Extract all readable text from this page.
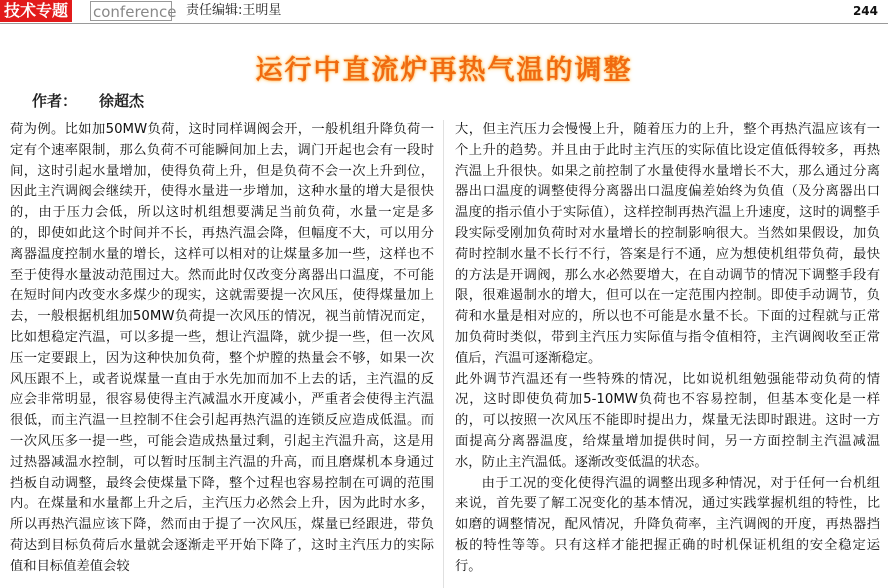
技术专题 conference 责任编辑:王明星	244
运行中直流炉再热气温的调整
作者： 徐超杰

荷为例。比如加50MW负荷，这时同样调阀会开，一般机组升降负荷一定有个速率限制，那么负荷不可能瞬间加上去，调门开起也会有一段时间，这时引起水量增加，使得负荷上升，但是负荷不会一次上升到位，因此主汽调阀会继续开，使得水量进一步增加，这种水量的增大是很快的，由于压力会低，所以这时机组想要满足当前负荷，水量一定是多的，即使如此这个时间并不长，再热汽温会降，但幅度不大，可以用分离器温度控制水量的增长，这样可以相对的让煤量多加一些，这样也不至于使得水量波动范围过大。然而此时仅改变分离器出口温度，不可能在短时间内改变水多煤少的现实，这就需要提一次风压，使得煤量加上去，一般根据机组加50MW负荷提一次风压的情况，视当前情况而定，比如想稳定汽温，可以多提一些，想让汽温降，就少提一些，但一次风压一定要跟上，因为这种快加负荷，整个炉膛的热量会不够，如果一次风压跟不上，或者说煤量一直由于水先加而加不上去的话，主汽温的反应会非常明显，很容易使得主汽减温水开度减小，严重者会使得主汽温很低，而主汽温一旦控制不住会引起再热汽温的连锁反应造成低温。而一次风压多一提一些，可能会造成热量过剩，引起主汽温升高，这是用过热器减温水控制，可以暂时压制主汽温的升高，而且磨煤机本身通过挡板自动调整，最终会使煤量下降，整个过程也容易控制在可调的范围内。在煤量和水量都上升之后，主汽压力必然会上升，因为此时水多，所以再热汽温应该下降，然而由于提了一次风压，煤量已经跟进，带负荷达到目标负荷后水量就会逐渐走平开始下降了，这时主汽压力的实际值和目标值差值会较

大，但主汽压力会慢慢上升，随着压力的上升，整个再热汽温应该有一个上升的趋势。并且由于此时主汽压的实际值比设定值低得较多，再热汽温上升很快。如果之前控制了水量使得水量增长不大，那么通过分离器出口温度的调整使得分离器出口温度偏差始终为负值（及分离器出口温度的指示值小于实际值），这样控制再热汽温上升速度，这时的调整手段实际受刚加负荷时对水量增长的控制影响很大。当然如果假设，加负荷时控制水量不长行不行，答案是行不通，应为想使机组带负荷，最快的方法是开调阀，那么水必然要增大，在自动调节的情况下调整手段有限，很难遏制水的增大，但可以在一定范围内控制。即使手动调节，负荷和水量是相对应的，所以也不可能是水量不长。下面的过程就与正常加负荷时类似，带到主汽压力实际值与指令值相符，主汽调阀收至正常值后，汽温可逐渐稳定。

此外调节汽温还有一些特殊的情况，比如说机组勉强能带动负荷的情况，这时即使负荷加5-10MW负荷也不容易控制，但基本变化是一样的，可以按照一次风压不能即时提出力，煤量无法即时跟进。这时一方面提高分离器温度，给煤量增加提供时间，另一方面控制主汽温减温水，防止主汽温低。逐渐改变低温的状态。

由于工况的变化使得汽温的调整出现多种情况，对于任何一台机组来说，首先要了解工况变化的基本情况，通过实践掌握机组的特性，比如磨的调整情况，配风情况，升降负荷率，主汽调阀的开度，再热器挡板的特性等等。只有这样才能把握正确的时机保证机组的安全稳定运行。
